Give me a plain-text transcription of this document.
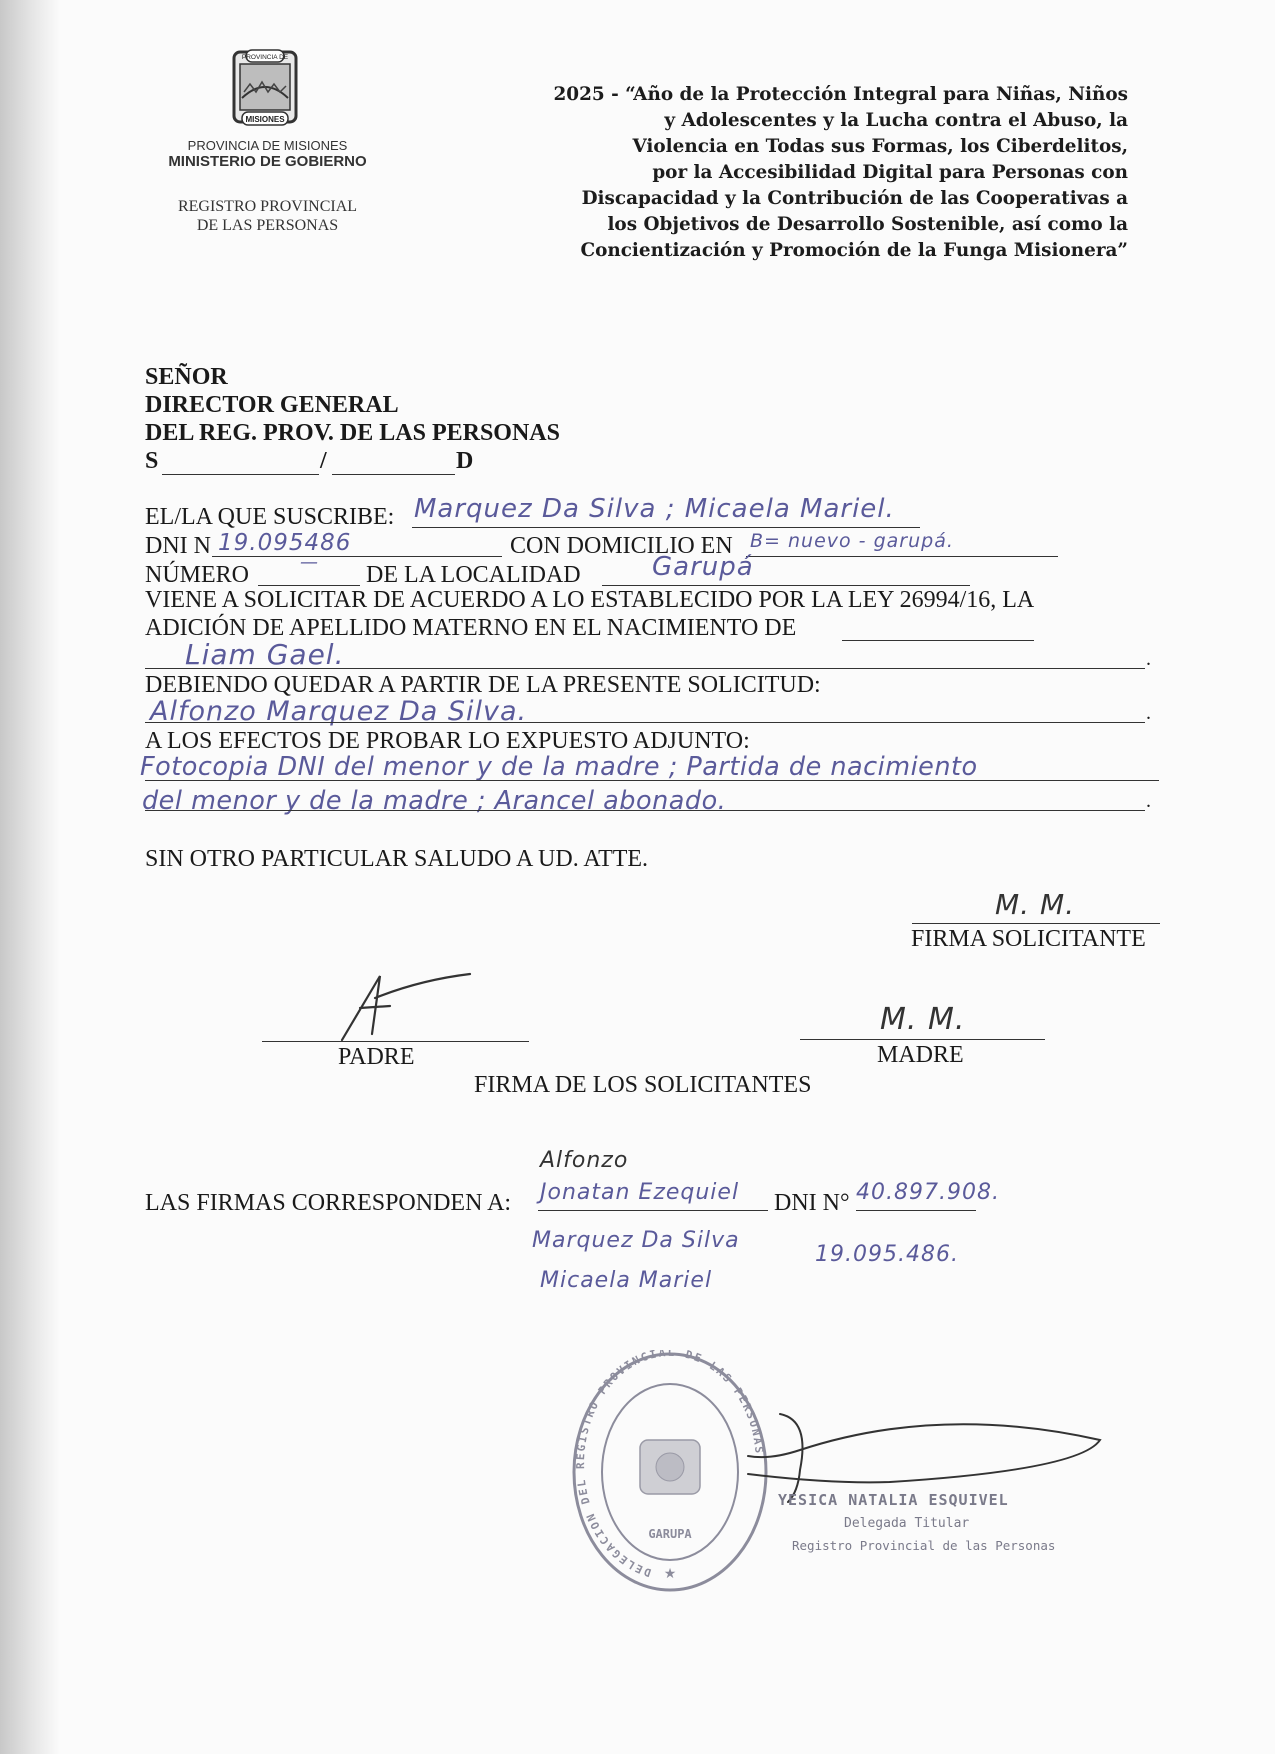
PROVINCIA DE
MISIONES
PROVINCIA DE MISIONES
MINISTERIO DE GOBIERNO
REGISTRO PROVINCIAL
DE LAS PERSONAS
2025 - “Año de la Protección Integral para Niñas, Niños
y Adolescentes y la Lucha contra el Abuso, la
Violencia en Todas sus Formas, los Ciberdelitos,
por la Accesibilidad Digital para Personas con
Discapacidad y la Contribución de las Cooperativas a
los Objetivos de Desarrollo Sostenible, así como la
Concientización y Promoción de la Funga Misionera”
SEÑOR
DIRECTOR GENERAL
DEL REG. PROV. DE LAS PERSONAS
S	/	D
EL/LA QUE SUSCRIBE: Marquez Da Silva ; Micaela Mariel.
DNI N 19.095486	CON DOMICILIO EN B= nuevo - garupá.
NÚMERO	— DE LA LOCALIDAD	Garupá
VIENE A SOLICITAR DE ACUERDO A LO ESTABLECIDO POR LA LEY 26994/16, LA
ADICIÓN DE APELLIDO MATERNO EN EL NACIMIENTO DE
Liam Gael.	.
DEBIENDO QUEDAR A PARTIR DE LA PRESENTE SOLICITUD:
Alfonzo Marquez Da Silva.	.
A LOS EFECTOS DE PROBAR LO EXPUESTO ADJUNTO:
Fotocopia DNI del menor y de la madre ; Partida de nacimiento
del menor y de la madre ; Arancel abonado.	.
SIN OTRO PARTICULAR SALUDO A UD. ATTE.
M. M.
FIRMA SOLICITANTE
PADRE
M. M.
MADRE
FIRMA DE LOS SOLICITANTES
Alfonzo
LAS FIRMAS CORRESPONDEN A: Jonatan Ezequiel DNI N° 40.897.908.
Marquez Da Silva
19.095.486.
Micaela Mariel
DELEGACION DEL REGISTRO PROVINCIAL DE LAS PERSONAS
GARUPA
★
YESICA NATALIA ESQUIVEL
Delegada Titular
Registro Provincial de las Personas
